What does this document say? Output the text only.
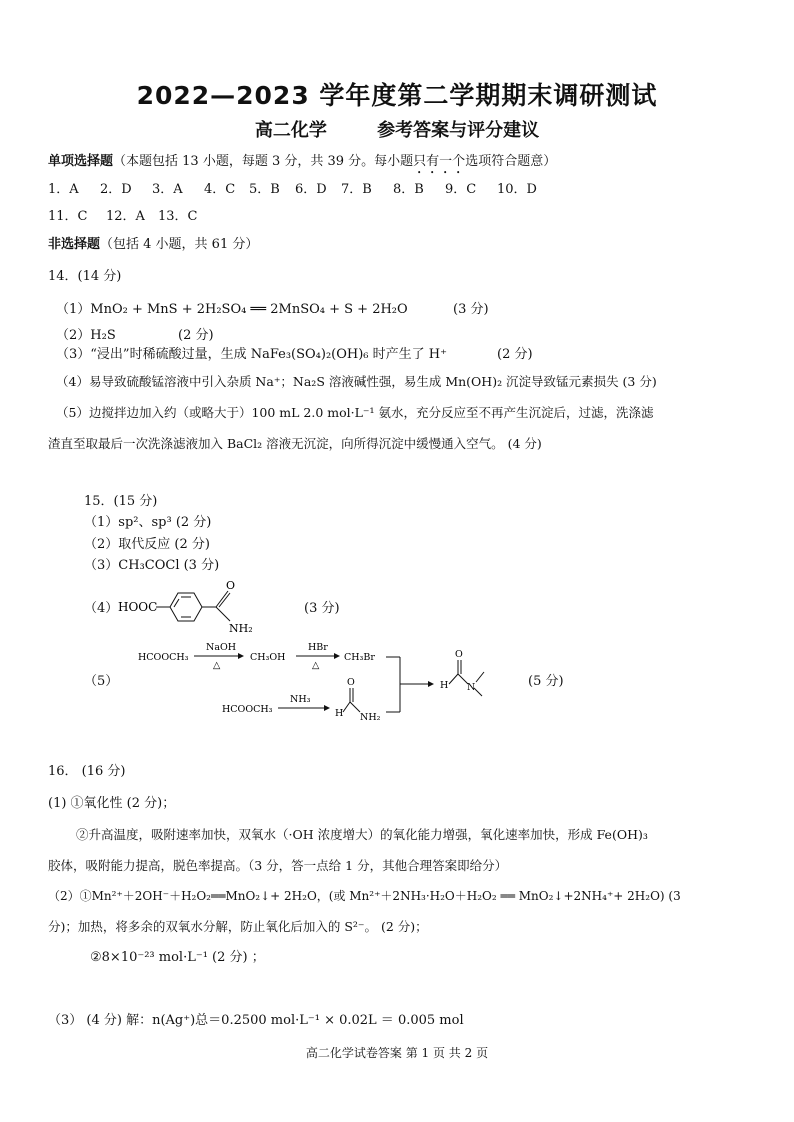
2022—2023 学年度第二学期期末调研测试
高二化学	参考答案与评分建议
单项选择题（本题包括 13 小题，每题 3 分，共 39 分。每小题只有一个选项符合题意）
1．A 2．D 3．A 4．C 5．B 6．D 7．B 8．B 9．C 10．D
11．C 12．A 13．C
非选择题（包括 4 小题，共 61 分）
14．(14 分)
（1）MnO₂ + MnS + 2H₂SO₄ ══ 2MnSO₄ + S + 2H₂O	(3 分)
（2）H₂S	(2 分)
（3）“浸出”时稀硫酸过量，生成 NaFe₃(SO₄)₂(OH)₆ 时产生了 H⁺	(2 分)
（4）易导致硫酸锰溶液中引入杂质 Na⁺；Na₂S 溶液碱性强，易生成 Mn(OH)₂ 沉淀导致锰元素损失 (3 分)
（5）边搅拌边加入约（或略大于）100 mL 2.0 mol·L⁻¹ 氨水，充分反应至不再产生沉淀后，过滤，洗涤滤
渣直至取最后一次洗涤滤液加入 BaCl₂ 溶液无沉淀，向所得沉淀中缓慢通入空气。 (4 分)
15．(15 分)
（1）sp²、sp³ (2 分)
（2）取代反应 (2 分)
（3）CH₃COCl (3 分)
（4） HOOC
O
NH₂
(3 分)
（5）
HCOOCH₃
NaOH
△
CH₃OH
HBr
△
CH₃Br
HCOOCH₃
NH₃
H
O
NH₂
H
O
N	(5 分)
16． (16 分)
(1) ①氧化性 (2 分)；
②升高温度，吸附速率加快，双氧水（·OH 浓度增大）的氧化能力增强，氧化速率加快，形成 Fe(OH)₃
胶体，吸附能力提高，脱色率提高。（3 分，答一点给 1 分，其他合理答案即给分）
（2）①Mn²⁺＋2OH⁻＋H₂O₂══MnO₂↓+ 2H₂O，(或 Mn²⁺＋2NH₃·H₂O＋H₂O₂ ══ MnO₂↓+2NH₄⁺+ 2H₂O) (3
分)；加热，将多余的双氧水分解，防止氧化后加入的 S²⁻。 (2 分)；
②8×10⁻²³ mol·L⁻¹ (2 分) ；
（3） (4 分) 解：n(Ag⁺)总＝0.2500 mol·L⁻¹ × 0.02L ＝ 0.005 mol
高二化学试卷答案 第 1 页 共 2 页
